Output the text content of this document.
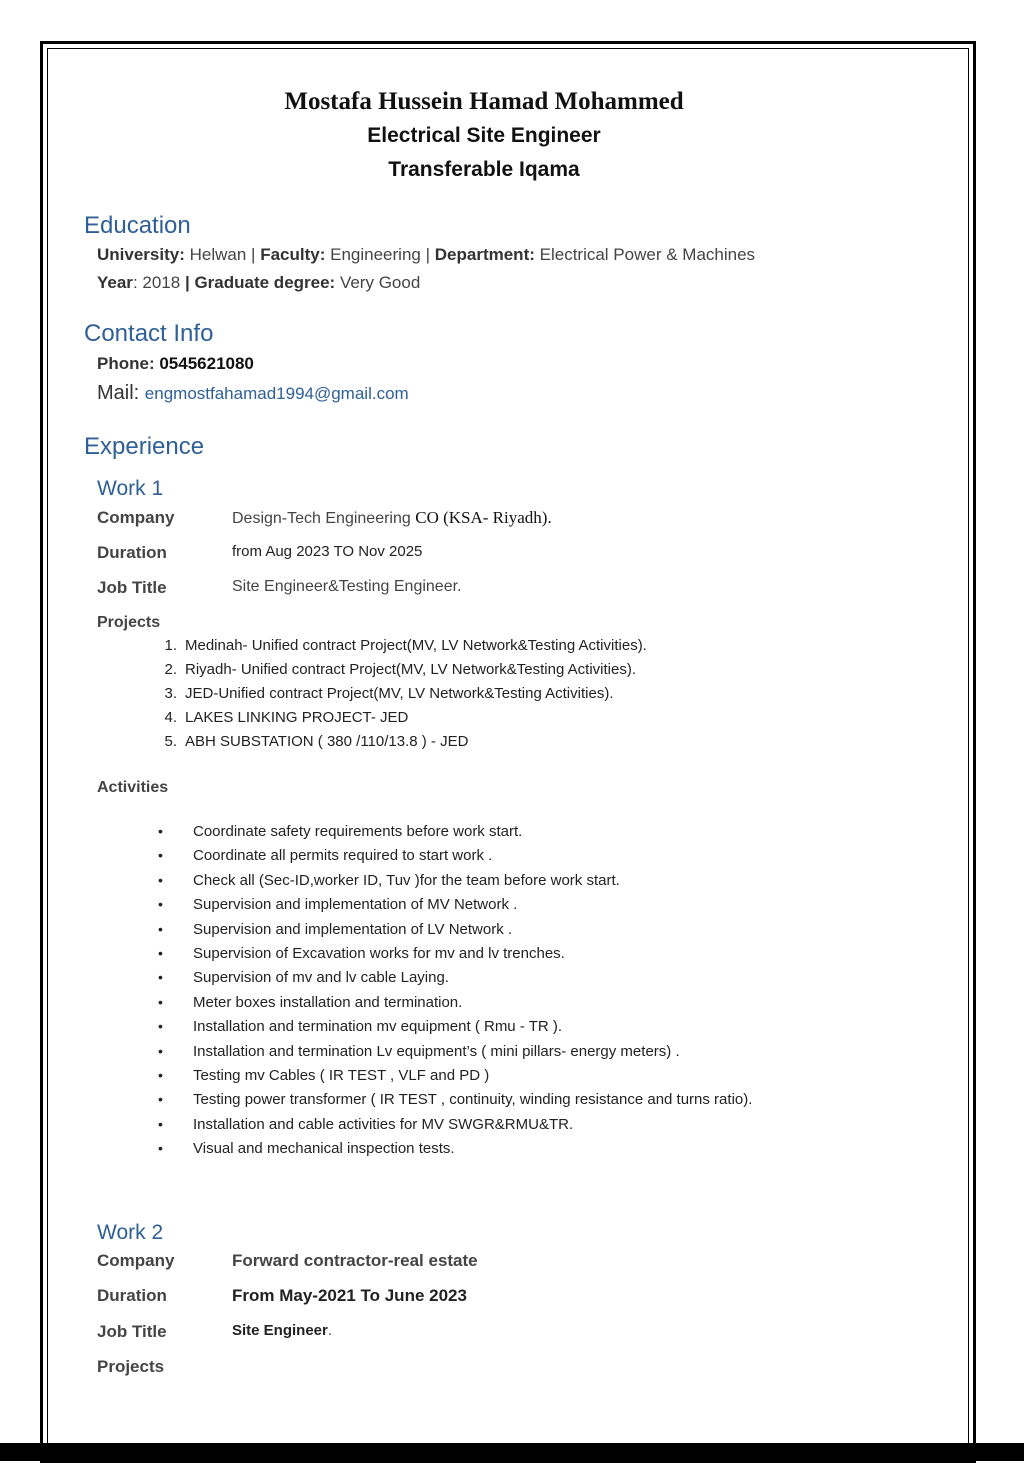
Mostafa Hussein Hamad Mohammed
Electrical Site Engineer
Transferable Iqama
Education
University: Helwan | Faculty: Engineering | Department: Electrical Power & Machines
Year: 2018 | Graduate degree: Very Good
Contact Info
Phone: 0545621080
Mail: engmostfahamad1994@gmail.com
Experience
Work 1
Company	Design-Tech Engineering CO (KSA- Riyadh).
Duration	from Aug 2023 TO Nov 2025
Job Title	Site Engineer&Testing Engineer.
Projects
1. Medinah- Unified contract Project(MV, LV Network&Testing Activities).
2. Riyadh- Unified contract Project(MV, LV Network&Testing Activities).
3. JED-Unified contract Project(MV, LV Network&Testing Activities).
4. LAKES LINKING PROJECT- JED
5. ABH SUBSTATION ( 380 /110/13.8 ) - JED
Activities
•	Coordinate safety requirements before work start.
•	Coordinate all permits required to start work .
•	Check all (Sec-ID,worker ID, Tuv )for the team before work start.
•	Supervision and implementation of MV Network .
•	Supervision and implementation of LV Network .
•	Supervision of Excavation works for mv and lv trenches.
•	Supervision of mv and lv cable Laying.
•	Meter boxes installation and termination.
•	Installation and termination mv equipment ( Rmu - TR ).
•	Installation and termination Lv equipment’s ( mini pillars- energy meters) .
•	Testing mv Cables ( IR TEST , VLF and PD )
•	Testing power transformer ( IR TEST , continuity, winding resistance and turns ratio).
•	Installation and cable activities for MV SWGR&RMU&TR.
•	Visual and mechanical inspection tests.
Work 2
Company	Forward contractor-real estate
Duration	From May-2021 To June 2023
Job Title	Site Engineer.
Projects
